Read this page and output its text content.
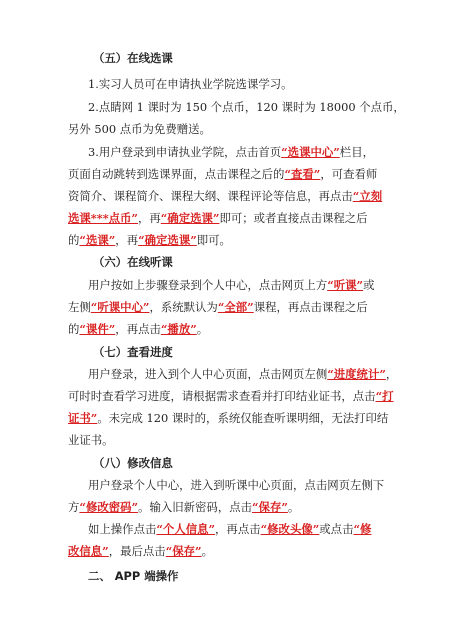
（五）在线选课
1.实习人员可在申请执业学院选课学习。
2.点睛网 1 课时为 150 个点币，120 课时为 18000 个点币，
另外 500 点币为免费赠送。
3.用户登录到申请执业学院，点击首页“选课中心”栏目，
页面自动跳转到选课界面，点击课程之后的“查看”，可查看师
资简介、课程简介、课程大纲、课程评论等信息，再点击“立刻
选课***点币”，再“确定选课”即可；或者直接点击课程之后
的“选课”，再“确定选课”即可。
（六）在线听课
用户按如上步骤登录到个人中心，点击网页上方“听课”或
左侧“听课中心”，系统默认为“全部”课程，再点击课程之后
的“课件”，再点击“播放”。
（七）查看进度
用户登录，进入到个人中心页面，点击网页左侧“进度统计”，
可时时查看学习进度，请根据需求查看并打印结业证书，点击“打
证书”。未完成 120 课时的，系统仅能查听课明细，无法打印结
业证书。
（八）修改信息
用户登录个人中心，进入到听课中心页面，点击网页左侧下
方“修改密码”。输入旧新密码，点击“保存”。
如上操作点击“个人信息”，再点击“修改头像”或点击“修
改信息”，最后点击“保存”。
二、 APP 端操作
